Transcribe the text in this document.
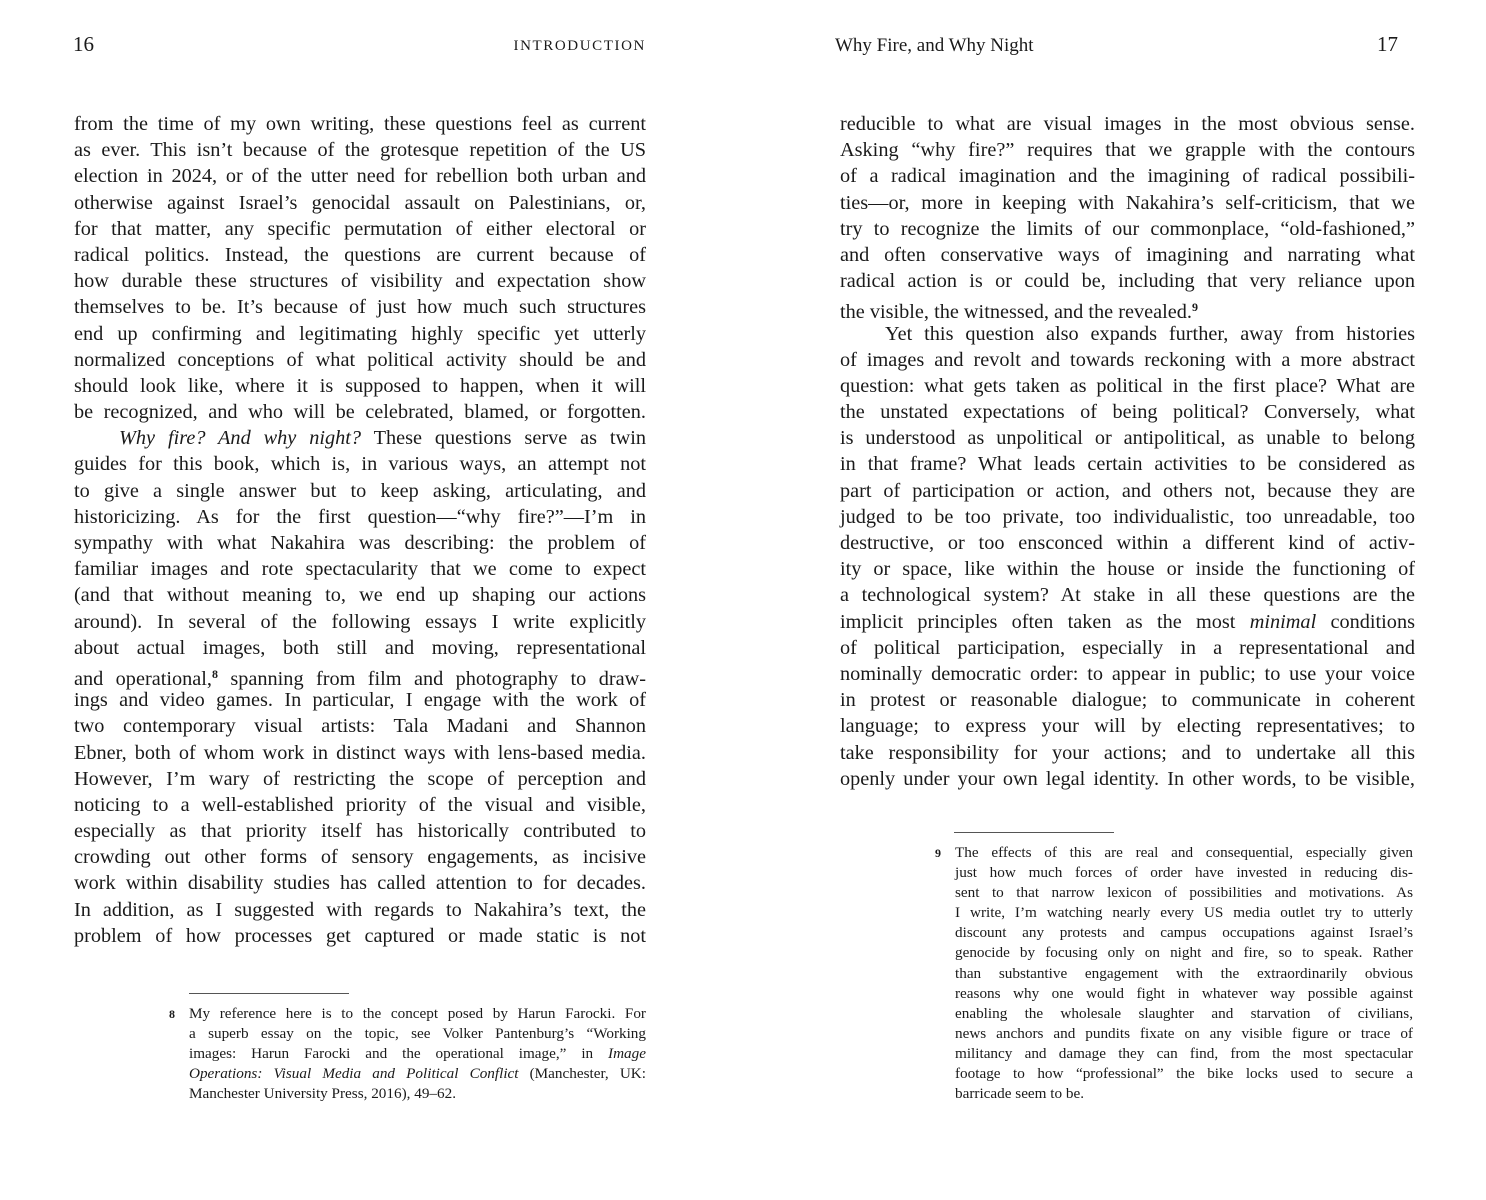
16	INTRODUCTION
from the time of my own writing, these questions feel as current
as ever. This isn’t because of the grotesque repetition of the US
election in 2024, or of the utter need for rebellion both urban and
otherwise against Israel’s genocidal assault on Palestinians, or,
for that matter, any specific permutation of either electoral or
radical politics. Instead, the questions are current because of
how durable these structures of visibility and expectation show
themselves to be. It’s because of just how much such structures
end up confirming and legitimating highly specific yet utterly
normalized conceptions of what political activity should be and
should look like, where it is supposed to happen, when it will
be recognized, and who will be celebrated, blamed, or forgotten.
Why fire? And why night? These questions serve as twin
guides for this book, which is, in various ways, an attempt not
to give a single answer but to keep asking, articulating, and
historicizing. As for the first question—“why fire?”—I’m in
sympathy with what Nakahira was describing: the problem of
familiar images and rote spectacularity that we come to expect
(and that without meaning to, we end up shaping our actions
around). In several of the following essays I write explicitly
about actual images, both still and moving, representational
and operational,$^8$ spanning from film and photography to draw-
ings and video games. In particular, I engage with the work of
two contemporary visual artists: Tala Madani and Shannon
Ebner, both of whom work in distinct ways with lens-based media.
However, I’m wary of restricting the scope of perception and
noticing to a well-established priority of the visual and visible,
especially as that priority itself has historically contributed to
crowding out other forms of sensory engagements, as incisive
work within disability studies has called attention to for decades.
In addition, as I suggested with regards to Nakahira’s text, the
problem of how processes get captured or made static is not
8 My reference here is to the concept posed by Harun Farocki. For
a superb essay on the topic, see Volker Pantenburg’s “Working
images: Harun Farocki and the operational image,” in Image
Operations: Visual Media and Political Conflict (Manchester, UK:
Manchester University Press, 2016), 49–62.
Why Fire, and Why Night	17
reducible to what are visual images in the most obvious sense.
Asking “why fire?” requires that we grapple with the contours
of a radical imagination and the imagining of radical possibili-
ties—or, more in keeping with Nakahira’s self-criticism, that we
try to recognize the limits of our commonplace, “old-fashioned,”
and often conservative ways of imagining and narrating what
radical action is or could be, including that very reliance upon
the visible, the witnessed, and the revealed.$^9$
Yet this question also expands further, away from histories
of images and revolt and towards reckoning with a more abstract
question: what gets taken as political in the first place? What are
the unstated expectations of being political? Conversely, what
is understood as unpolitical or antipolitical, as unable to belong
in that frame? What leads certain activities to be considered as
part of participation or action, and others not, because they are
judged to be too private, too individualistic, too unreadable, too
destructive, or too ensconced within a different kind of activ-
ity or space, like within the house or inside the functioning of
a technological system? At stake in all these questions are the
implicit principles often taken as the most minimal conditions
of political participation, especially in a representational and
nominally democratic order: to appear in public; to use your voice
in protest or reasonable dialogue; to communicate in coherent
language; to express your will by electing representatives; to
take responsibility for your actions; and to undertake all this
openly under your own legal identity. In other words, to be visible,
9 The effects of this are real and consequential, especially given
just how much forces of order have invested in reducing dis-
sent to that narrow lexicon of possibilities and motivations. As
I write, I’m watching nearly every US media outlet try to utterly
discount any protests and campus occupations against Israel’s
genocide by focusing only on night and fire, so to speak. Rather
than substantive engagement with the extraordinarily obvious
reasons why one would fight in whatever way possible against
enabling the wholesale slaughter and starvation of civilians,
news anchors and pundits fixate on any visible figure or trace of
militancy and damage they can find, from the most spectacular
footage to how “professional” the bike locks used to secure a
barricade seem to be.
